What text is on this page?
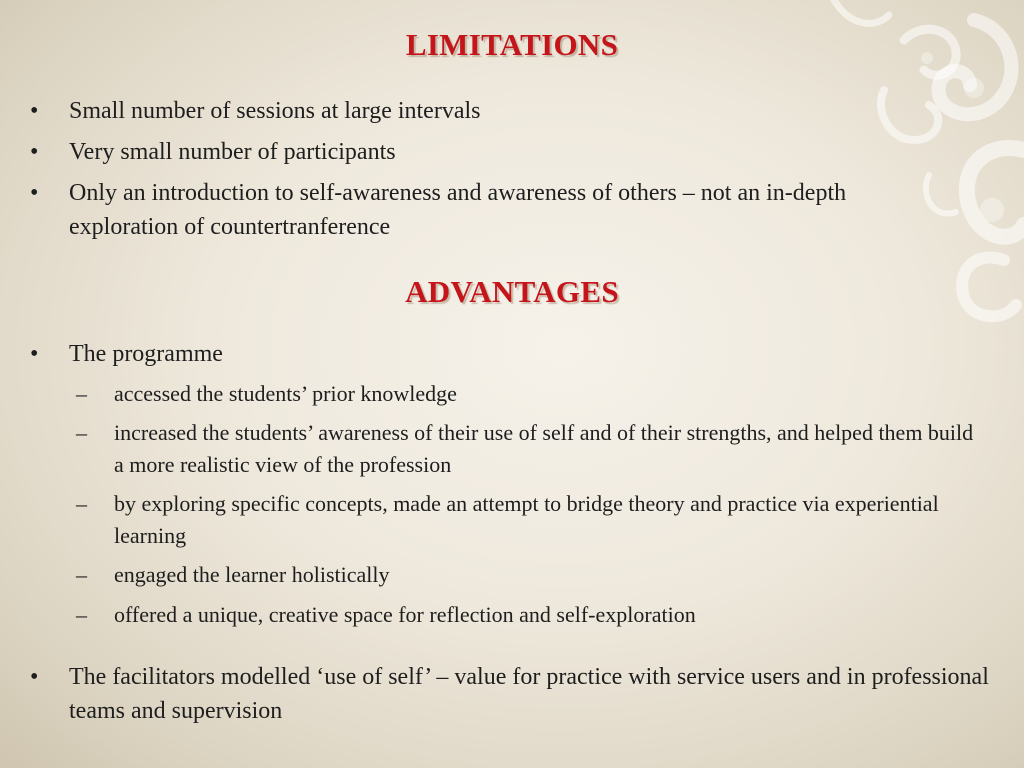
LIMITATIONS
•	Small number of sessions at large intervals
•	Very small number of participants
•	Only an introduction to self-awareness and awareness of others – not an in-depth exploration of countertranference
ADVANTAGES
•	The programme
– accessed the students’ prior knowledge
– increased the students’ awareness of their use of self and of their strengths, and helped them build a more realistic view of the profession
– by exploring specific concepts, made an attempt to bridge theory and practice via experiential learning
– engaged the learner holistically
– offered a unique, creative space for reflection and self-exploration
•	The facilitators modelled ‘use of self’ – value for practice with service users and in professional teams and supervision
